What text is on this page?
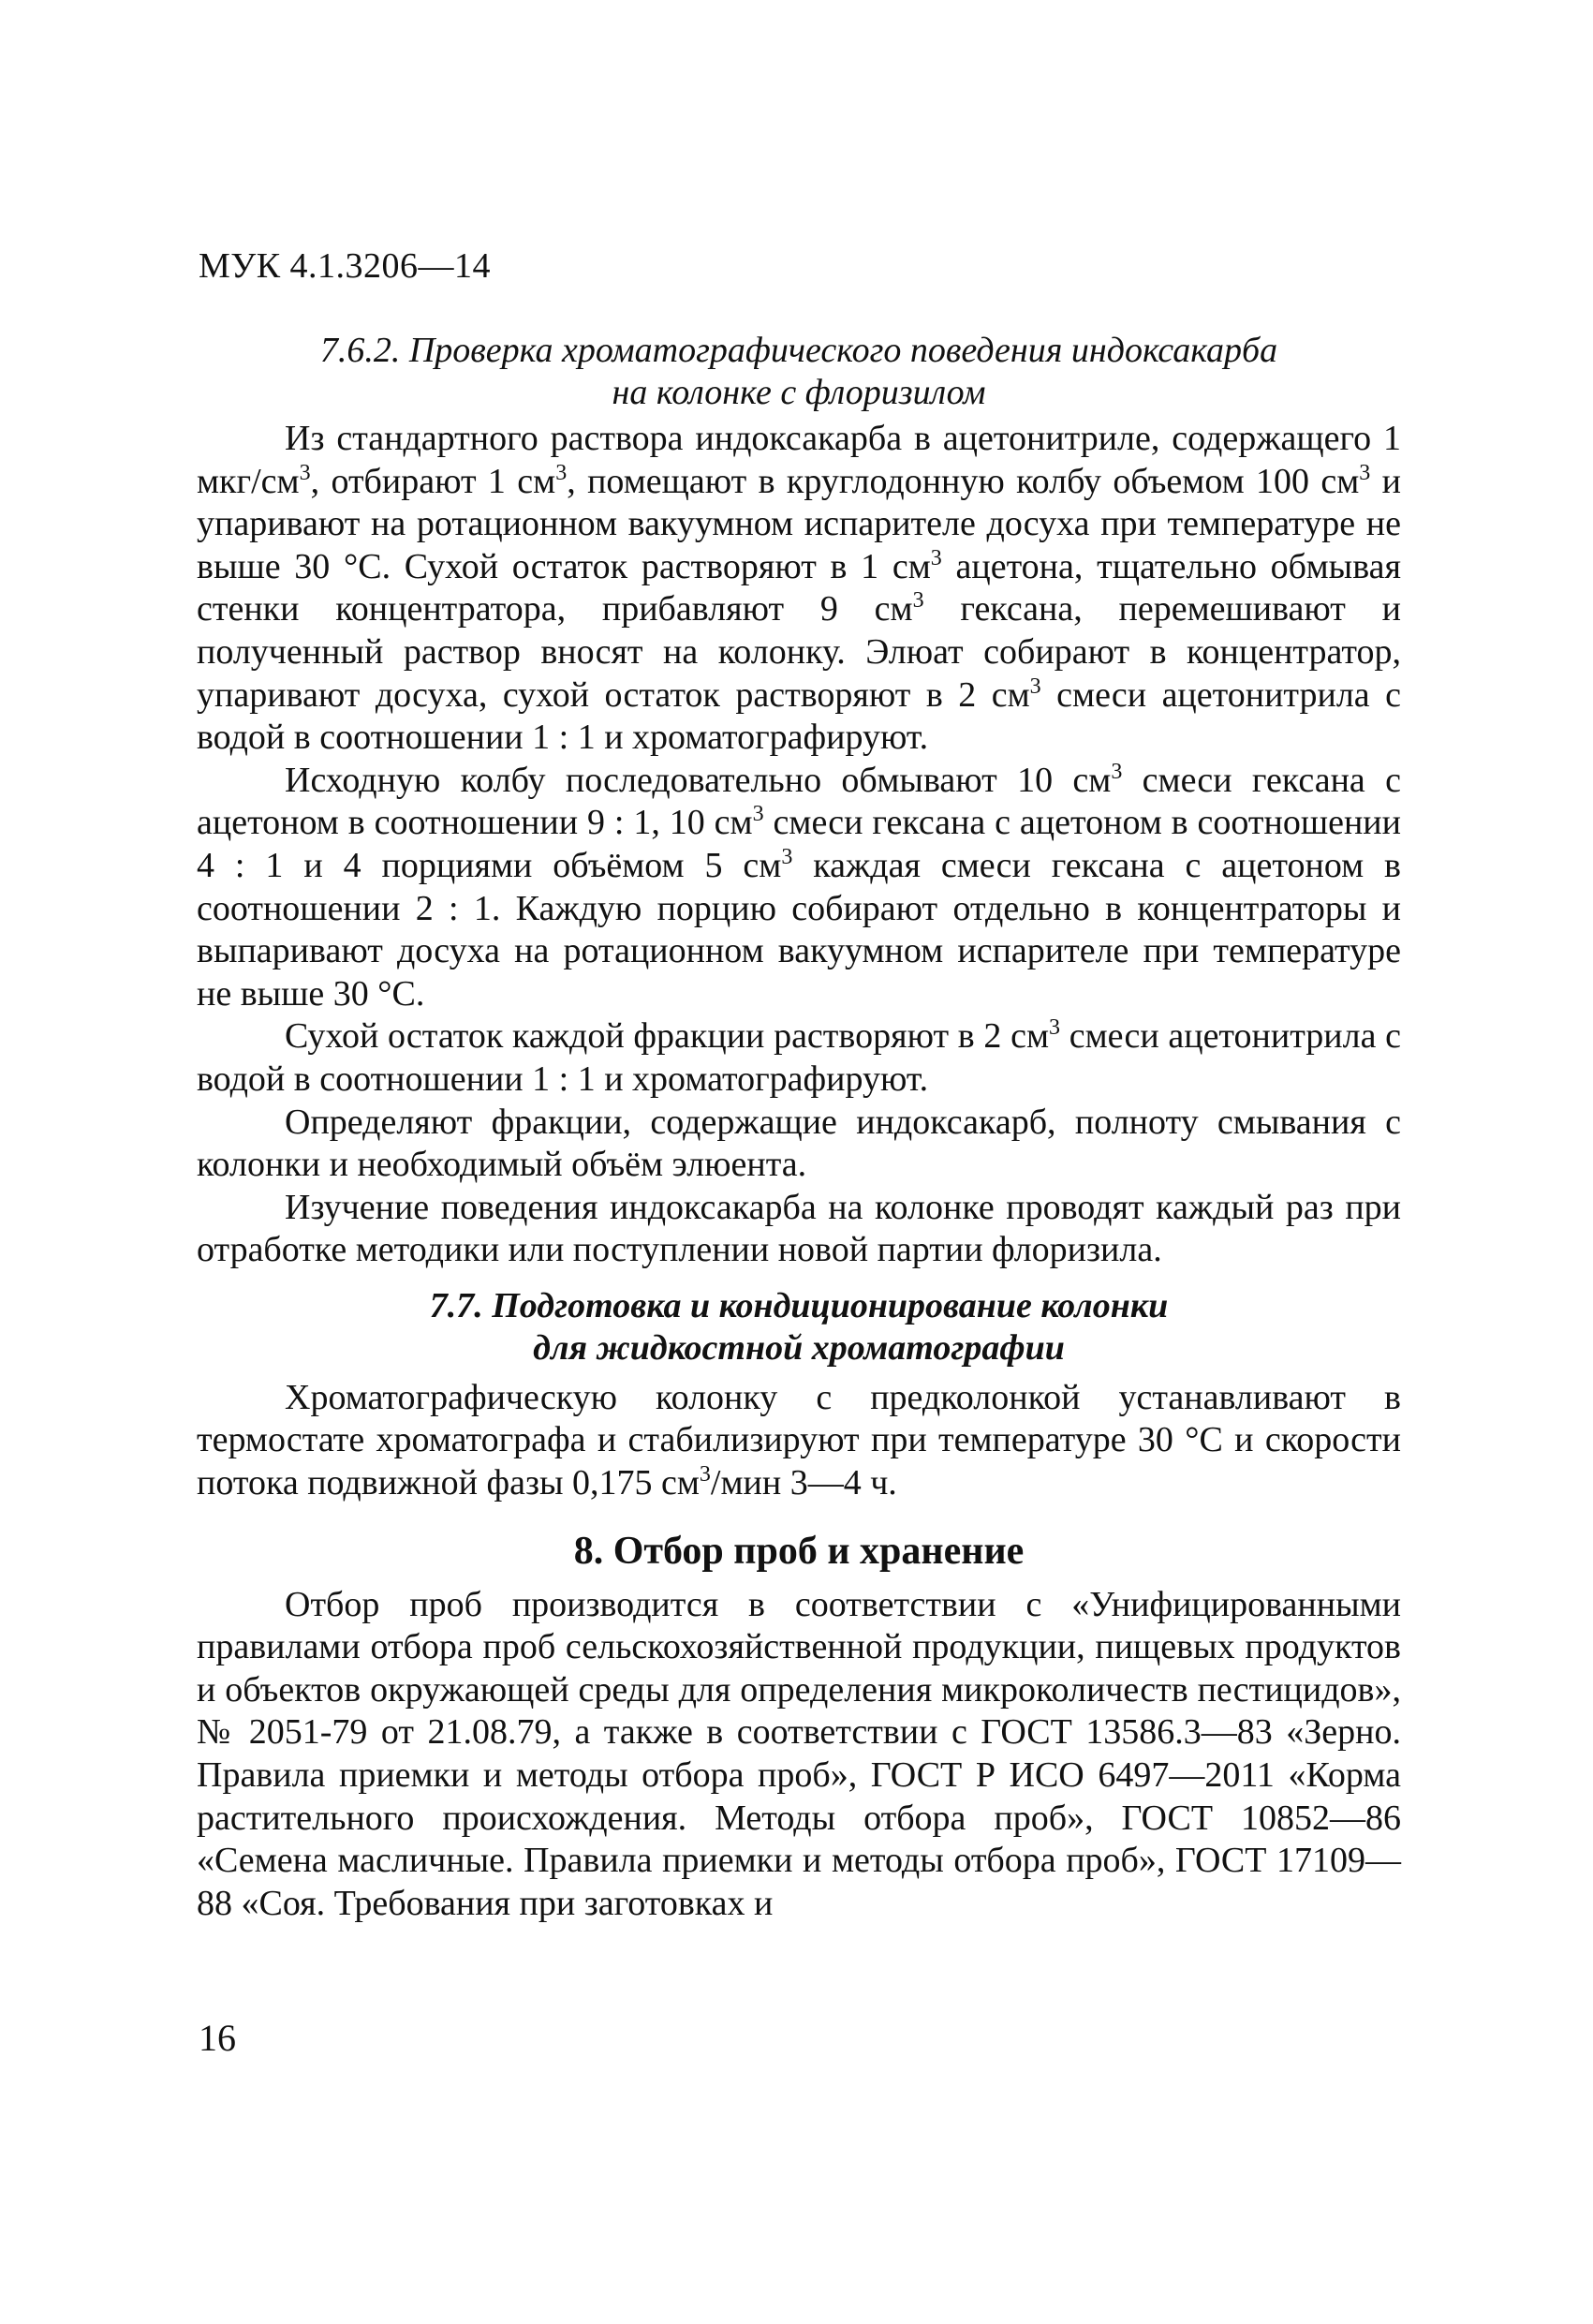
МУК 4.1.3206—14
7.6.2. Проверка хроматографического поведения индоксакарба
на колонке с флоризилом

Из стандартного раствора индоксакарба в ацетонитриле, содержащего 1 мкг/$см^3$, отбирают 1 $см^3$, помещают в круглодонную колбу объемом 100 $см^3$ и упаривают на ротационном вакуумном испарителе досуха при температуре не выше 30 °С. Сухой остаток растворяют в 1 $см^3$ ацетона, тщательно обмывая стенки концентратора, прибавляют 9 $см^3$ гексана, перемешивают и полученный раствор вносят на колонку. Элюат собирают в концентратор, упаривают досуха, сухой остаток растворяют в 2 $см^3$ смеси ацетонитрила с водой в соотношении 1 : 1 и хроматографируют.

Исходную колбу последовательно обмывают 10 $см^3$ смеси гексана с ацетоном в соотношении 9 : 1, 10 $см^3$ смеси гексана с ацетоном в соотношении 4 : 1 и 4 порциями объёмом 5 $см^3$ каждая смеси гексана с ацетоном в соотношении 2 : 1. Каждую порцию собирают отдельно в концентраторы и выпаривают досуха на ротационном вакуумном испарителе при температуре не выше 30 °С.

Сухой остаток каждой фракции растворяют в 2 $см^3$ смеси ацетонитрила с водой в соотношении 1 : 1 и хроматографируют.

Определяют фракции, содержащие индоксакарб, полноту смывания с колонки и необходимый объём элюента.

Изучение поведения индоксакарба на колонке проводят каждый раз при отработке методики или поступлении новой партии флоризила.

7.7. Подготовка и кондиционирование колонки
для жидкостной хроматографии

Хроматографическую колонку с предколонкой устанавливают в термостате хроматографа и стабилизируют при температуре 30 °С и скорости потока подвижной фазы 0,175 $см^3$/мин 3—4 ч.

8. Отбор проб и хранение

Отбор проб производится в соответствии с «Унифицированными правилами отбора проб сельскохозяйственной продукции, пищевых продуктов и объектов окружающей среды для определения микроколичеств пестицидов», № 2051-79 от 21.08.79, а также в соответствии с ГОСТ 13586.3—83 «Зерно. Правила приемки и методы отбора проб», ГОСТ Р ИСО 6497—2011 «Корма растительного происхождения. Методы отбора проб», ГОСТ 10852—86 «Семена масличные. Правила приемки и методы отбора проб», ГОСТ 17109—88 «Соя. Требования при заготовках и

16
